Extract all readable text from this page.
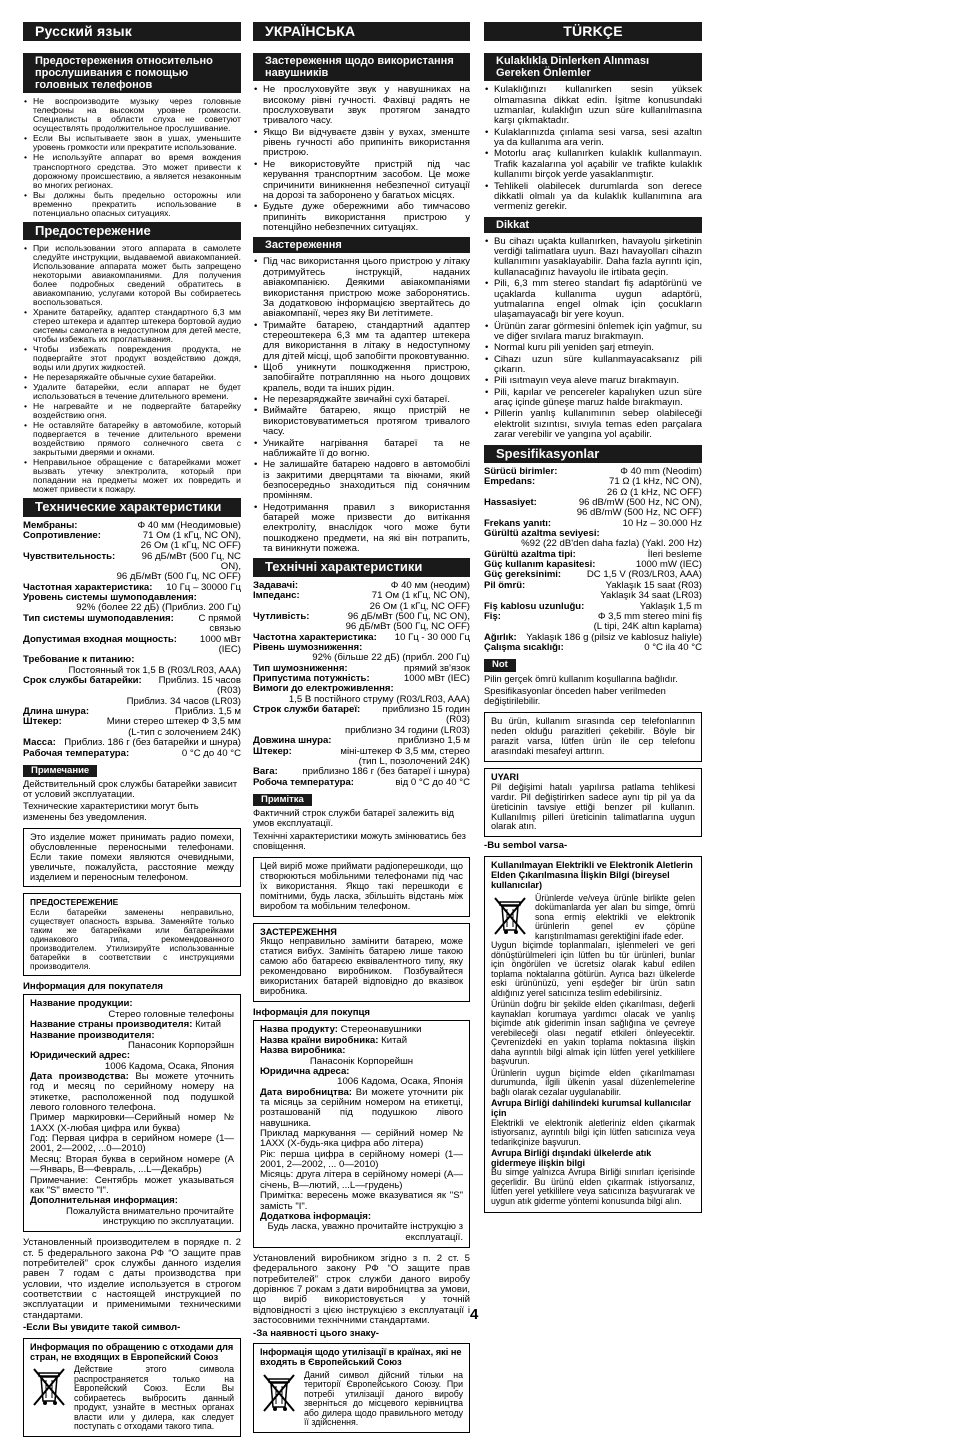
Русский язык
Предостережения относительно прослушивания с помощью головных телефонов
• Не воспроизводите музыку через головные телефоны на высоком уровне громкости. Специалисты в области слуха не советуют осуществлять продолжительное прослушивание.
• Если Вы испытываете звон в ушах, уменьшите уровень громкости или прекратите использование.
• Не используйте аппарат во время вождения транспортного средства. Это может привести к дорожному происшествию, а является незаконным во многих регионах.
• Вы должны быть предельно осторожны или временно прекратить использование в потенциально опасных ситуациях.
Предостережение
• При использовании этого аппарата в самолете следуйте инструкции, выдаваемой авиакомпанией. Использование аппарата может быть запрещено некоторыми авиакомпаниями. Для получения более подробных сведений обратитесь в авиакомпанию, услугами которой Вы собираетесь воспользоваться.
• Храните батарейку, адаптер стандартного 6,3 мм стерео штекера и адаптер штекера бортовой аудио системы самолета в недоступном для детей месте, чтобы избежать их проглатывания.
• Чтобы избежать повреждения продукта, не подвергайте этот продукт воздействию дождя, воды или других жидкостей.
• Не перезаряжайте обычные сухие батарейки.
• Удалите батарейки, если аппарат не будет использоваться в течение длительного времени.
• Не нагревайте и не подвергайте батарейку воздействию огня.
• Не оставляйте батарейку в автомобиле, который подвергается в течение длительного времени воздействию прямого солнечного света с закрытыми дверями и окнами.
• Неправильное обращение с батарейками может вызвать утечку электролита, который при попадании на предметы может их повредить и может привести к пожару.
Технические характеристики
Мембраны:	Φ 40 мм (Неодимовые)
Сопротивление:	71 Ом (1 кГц, NC ON),
26 Ом (1 кГц, NC OFF)
Чувствительность:	96 дБ/мВт (500 Гц, NC ON),
96 дБ/мВт (500 Гц, NC OFF)
Частотная характеристика: 10 Гц – 30000 Гц
Уровень системы шумоподавления:
92% (более 22 дБ) (Приблиз. 200 Гц)
Тип системы шумоподавления:	С прямой связью
Допустимая входная мощность:	1000 мВт (IEC)
Требование к питанию:
Постоянный ток 1,5 В (R03/LR03, AAA)
Срок службы батарейки:	Приблиз. 15 часов (R03)
Приблиз. 34 часов (LR03)
Длина шнура:	Приблиз. 1,5 м
Штекер:	Мини стерео штекер Φ 3,5 мм
(L-тип с золочением 24K)
Масса: Приблиз. 186 г (без батарейки и шнура)
Рабочая температура:	0 °C до 40 °C
Примечание

Действительный срок службы батарейки зависит от условий эксплуатации.

Технические характеристики могут быть изменены без уведомления.

Это изделие может принимать радио помехи, обусловленные переносными телефонами. Если такие помехи являются очевидными, увеличьте, пожалуйста, расстояние между изделием и переносным телефоном.
ПРЕДОСТЕРЕЖЕНИЕ
Если батарейки заменены неправильно, существует опасность взрыва. Заменяйте только таким же батарейками или батарейками одинакового типа, рекомендованного производителем. Утилизируйте использованные батарейки в соответствии с инструкциями производителя.
Информация для покупателя
Название продукции:
Стерео головные телефоны
Название страны производителя: Китай
Название производителя:
Панасоник Корпорэйшн
Юридический адрес:
1006 Кадома, Осака, Япония
Дата производства: Вы можете уточнить год и месяц по серийному номеру на этикетке, расположенной под подушкой левого головного телефона.
Пример маркировки—Серийный номер № 1AXX (X-любая цифра или буква)
Год: Первая цифра в серийном номере (1—2001, 2—2002, ...0—2010)
Месяц: Вторая буква в серийном номере (A—Январь, B—Февраль, ...L—Декабрь)
Примечание: Сентябрь может указываться как "S" вместо "I".
Дополнительная информация:
Пожалуйста внимательно прочитайте инструкцию по эксплуатации.

Установленный производителем в порядке п. 2 ст. 5 федерального закона РФ “О защите прав потребителей” срок службы данного изделия равен 7 годам с даты производства при условии, что изделие используется в строгом соответствии с настоящей инструкцией по эксплуатации и применимыми техническими стандартами.

-Если Вы увидите такой символ-
Информация по обращению с отходами для стран, не входящих в Европейский Союз
Действие этого символа распространяется только на Европейский Союз. Если Вы собираетесь выбросить данный продукт, узнайте в местных органах власти или у дилера, как следует поступать с отходами такого типа.
УКРАЇНСЬКА
Застереження щодо використання навушників
• Не прослуховуйте звук у навушниках на високому рівні гучності. Фахівці радять не прослуховувати звук протягом занадто тривалого часу.
• Якщо Ви відчуваєте дзвін у вухах, зменште рівень гучності або припиніть використання пристрою.
• Не використовуйте пристрій під час керування транспортним засобом. Це може спричинити виникнення небезпечної ситуації на дорозі та заборонено у багатьох місцях.
• Будьте дуже обережними або тимчасово припиніть використання пристрою у потенційно небезпечних ситуаціях.
Застереження
• Під час використання цього пристрою у літаку дотримуйтесь інструкцій, наданих авіакомпанією. Деякими авіакомпаніями використання пристрою може заборонятись. За додатковою інформацією звертайтесь до авіакомпанії, через яку Ви летітимете.
• Тримайте батарею, стандартний адаптер стереоштекера 6,3 мм та адаптер штекера для використання в літаку в недоступному для дітей місці, щоб запобігти проковтуванню.
• Щоб уникнути пошкодження пристрою, запобігайте потраплянню на нього дощових крапель, води та інших рідин.
• Не перезаряджайте звичайні сухі батареї.
• Виймайте батарею, якщо пристрій не використовуватиметься протягом тривалого часу.
• Уникайте нагрівання батареї та не наближайте її до вогню.
• Не залишайте батарею надовго в автомобілі із закритими дверцятами та вікнами, який безпосередньо знаходиться під сонячним промінням.
• Недотримання правил з використання батарей може призвести до витікання електроліту, внаслідок чого може бути пошкоджено предмети, на які він потрапить, та виникнути пожежа.
Технічні характеристики
Задавачі:	Φ 40 мм (неодим)
Імпеданс:	71 Ом (1 кГц, NC ON),
26 Ом (1 кГц, NC OFF)
Чутливість:	96 дБ/мВт (500 Гц, NC ON),
96 дБ/мВт (500 Гц, NC OFF)
Частотна характеристика: 10 Гц - 30 000 Гц
Рівень шумозниження:
92% (більше 22 дБ) (прибл. 200 Гц)
Тип шумозниження:	прямий зв'язок
Припустима потужність:	1000 мВт (IEC)
Вимоги до електроживлення:
1,5 В постійного струму (R03/LR03, AAA)
Строк служби батареї:	приблизно 15 годин (R03)
приблизно 34 години (LR03)
Довжина шнура:	приблизно 1,5 м
Штекер:	міні-штекер Φ 3,5 мм, стерео
(тип L, позолочений 24K)
Вага:	приблизно 186 г (без батареї і шнура)
Робоча температура:	від 0 °C до 40 °C
Примітка

Фактичний строк служби батареї залежить від умов експлуатації.

Технічні характеристики можуть змінюватись без сповіщення.

Цей виріб може приймати радіоперешкоди, що створюються мобільними телефонами під час їх використання. Якщо такі перешкоди є помітними, будь ласка, збільшіть відстань між виробом та мобільним телефоном.
ЗАСТЕРЕЖЕННЯ
Якщо неправильно замінити батарею, може статися вибух. Замініть батарею лише такою самою або батареєю еквівалентного типу, яку рекомендовано виробником. Позбувайтеся використаних батарей відповідно до вказівок виробника.
Інформація для покупця
Назва продукту: Стереонавушники
Назва країни виробника: Китай
Назва виробника:
Панасонік Корпорейшн
Юридична адреса:
1006 Кадома, Осака, Японія
Дата виробництва: Ви можете уточнити рік та місяць за серійним номером на етикетці, розташованій під подушкою лівого навушника.
Приклад маркування — серійний номер № 1AXX (X-будь-яка цифра або літера)
Рік: перша цифра в серійному номері (1—2001, 2—2002, ... 0—2010)
Місяць: друга літера в серійному номері (A—січень, B—лютий, ...L—грудень)
Примітка: вересень може вказуватися як "S" замість "I".
Додаткова інформація:
Будь ласка, уважно прочитайте інструкцію з експлуатації.

Установлений виробником згідно з п. 2 ст. 5 федерального закону РФ “О защите прав потребителей” строк служби даного виробу дорівнює 7 рокам з дати виробництва за умови, що виріб використовується у точній відповідності з цією інструкцією з експлуатації і застосовними технічними стандартами.

-За наявності цього знаку-
Інформація щодо утилізації в країнах, які не входять в Європейський Союз
Даний символ дійсний тільки на території Європейського Союзу. При потребі утилізації даного виробу зверніться до місцевого керівництва або дилера щодо правильного методу її здійснення.
TÜRKÇE
Kulaklıkla Dinlerken Alınması Gereken Önlemler
• Kulaklığınızı kullanırken sesin yüksek olmamasına dikkat edin. İşitme konusundaki uzmanlar, kulaklığın uzun süre kullanılmasına karşı çıkmaktadır.
• Kulaklarınızda çınlama sesi varsa, sesi azaltın ya da kullanıma ara verin.
• Motorlu araç kullanırken kulaklık kullanmayın. Trafik kazalarına yol açabilir ve trafikte kulaklık kullanımı birçok yerde yasaklanmıştır.
• Tehlikeli olabilecek durumlarda son derece dikkatli olmalı ya da kulaklık kullanımına ara vermeniz gerekir.
Dikkat
• Bu cihazı uçakta kullanırken, havayolu şirketinin verdiği talimatlara uyun. Bazı havayolları cihazın kullanımını yasaklayabilir. Daha fazla ayrıntı için, kullanacağınız havayolu ile irtibata geçin.
• Pili, 6,3 mm stereo standart fiş adaptörünü ve uçaklarda kullanıma uygun adaptörü, yutmalarına engel olmak için çocukların ulaşamayacağı bir yere koyun.
• Ürünün zarar görmesini önlemek için yağmur, su ve diğer sıvılara maruz bırakmayın.
• Normal kuru pili yeniden şarj etmeyin.
• Cihazı uzun süre kullanmayacaksanız pili çıkarın.
• Pili ısıtmayın veya aleve maruz bırakmayın.
• Pili, kapılar ve pencereler kapalıyken uzun süre araç içinde güneşe maruz halde bırakmayın.
• Pillerin yanlış kullanımının sebep olabileceği elektrolit sızıntısı, sıvıyla temas eden parçalara zarar verebilir ve yangına yol açabilir.
Spesifikasyonlar
Sürücü birimler:	Φ 40 mm (Neodim)
Empedans:	71 Ω (1 kHz, NC ON),
26 Ω (1 kHz, NC OFF)
Hassasiyet:	96 dB/mW (500 Hz, NC ON),
96 dB/mW (500 Hz, NC OFF)
Frekans yanıtı:	10 Hz – 30.000 Hz
Gürültü azaltma seviyesi:
%92 (22 dB'den daha fazla) (Yakl. 200 Hz)
Gürültü azaltma tipi:	İleri besleme
Güç kullanım kapasitesi:	1000 mW (IEC)
Güç gereksinimi:	DC 1,5 V (R03/LR03, AAA)
Pil ömrü:	Yaklaşık 15 saat (R03)
Yaklaşık 34 saat (LR03)
Fiş kablosu uzunluğu:	Yaklaşık 1,5 m
Fiş:	Φ 3,5 mm stereo mini fiş
(L tipi, 24K altın kaplama)
Ağırlık: Yaklaşık 186 g (pilsiz ve kablosuz haliyle)
Çalışma sıcaklığı:	0 °C ila 40 °C
Not

Pilin gerçek ömrü kullanım koşullarına bağlıdır.

Spesifikasyonlar önceden haber verilmeden değiştirilebilir.

Bu ürün, kullanım sırasında cep telefonlarının neden olduğu parazitleri çekebilir. Böyle bir parazit varsa, lütfen ürün ile cep telefonu arasındaki mesafeyi arttırın.
UYARI
Pil değişimi hatalı yapılırsa patlama tehlikesi vardır. Pil değiştirirken sadece aynı tip pil ya da üreticinin tavsiye ettiği benzer pil kullanın. Kullanılmış pilleri üreticinin talimatlarına uygun olarak atın.
-Bu sembol varsa-
Kullanılmayan Elektrikli ve Elektronik Aletlerin Elden Çıkarılmasına İlişkin Bilgi (bireysel kullanıcılar)
Ürünlerde ve/veya ürünle birlikte gelen dokümanlarda yer alan bu simge, ömrü sona ermiş elektrikli ve elektronik ürünlerin genel ev çöpüne karıştırılmaması gerektiğini ifade eder.

Uygun biçimde toplanmaları, işlenmeleri ve geri dönüştürülmeleri için lütfen bu tür ürünleri, bunlar için öngörülen ve ücretsiz olarak kabul edilen toplama noktalarına götürün. Ayrıca bazı ülkelerde eski ürününüzü, yeni eşdeğer bir ürün satın aldığınız yerel satıcınıza teslim edebilirsiniz.

Ürünün doğru bir şekilde elden çıkarılması, değerli kaynakları korumaya yardımcı olacak ve yanlış biçimde atık giderimin insan sağlığına ve çevreye verebileceği olası negatif etkileri önleyecektir. Çevrenizdeki en yakın toplama noktasına ilişkin daha ayrıntılı bilgi almak için lütfen yerel yetkililere başvurun.

Ürünlerin uygun biçimde elden çıkarılmaması durumunda, ilgili ülkenin yasal düzenlemelerine bağlı olarak cezalar uygulanabilir.

Avrupa Birliği dahilindeki kurumsal kullanıcılar için

Elektrikli ve elektronik aletleriniz elden çıkarmak istiyorsanız, ayrıntılı bilgi için lütfen satıcınıza veya tedarikçinize başvurun.

Avrupa Birliği dışındaki ülkelerde atık gidermeye ilişkin bilgi

Bu simge yalnızca Avrupa Birliği sınırları içerisinde geçerlidir. Bu ürünü elden çıkarmak istiyorsanız, lütfen yerel yetkililere veya satıcınıza başvurarak ve uygun atık giderme yöntemi konusunda bilgi alın.

4
